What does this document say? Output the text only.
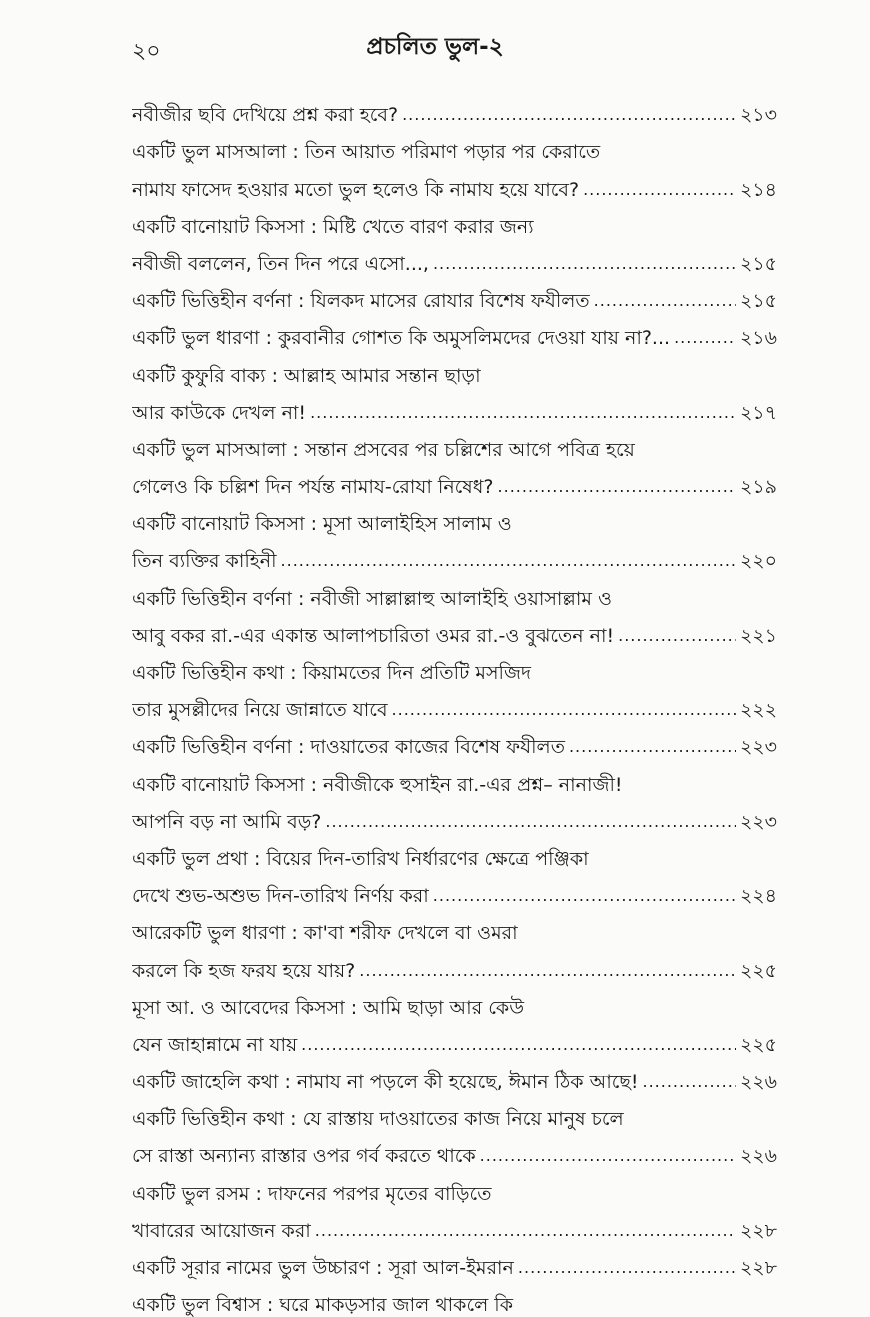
২০	প্রচলিত ভুল-২
নবীজীর ছবি দেখিয়ে প্রশ্ন করা হবে? .....	২১৩
একটি ভুল মাসআলা : তিন আয়াত পরিমাণ পড়ার পর কেরাতে
নামায ফাসেদ হওয়ার মতো ভুল হলেও কি নামায হয়ে যাবে? .....	২১৪
একটি বানোয়াট কিসসা : মিষ্টি খেতে বারণ করার জন্য
নবীজী বললেন, তিন দিন পরে এসো..., .....	২১৫
একটি ভিত্তিহীন বর্ণনা : যিলকদ মাসের রোযার বিশেষ ফযীলত .....	২১৫
একটি ভুল ধারণা : কুরবানীর গোশত কি অমুসলিমদের দেওয়া যায় না?... .....	২১৬
একটি কুফুরি বাক্য : আল্লাহ আমার সন্তান ছাড়া
আর কাউকে দেখল না! .....	২১৭
একটি ভুল মাসআলা : সন্তান প্রসবের পর চল্লিশের আগে পবিত্র হয়ে
গেলেও কি চল্লিশ দিন পর্যন্ত নামায-রোযা নিষেধ? .....	২১৯
একটি বানোয়াট কিসসা : মূসা আলাইহিস সালাম ও
তিন ব্যক্তির কাহিনী .....	২২০
একটি ভিত্তিহীন বর্ণনা : নবীজী সাল্লাল্লাহু আলাইহি ওয়াসাল্লাম ও
আবু বকর রা.-এর একান্ত আলাপচারিতা ওমর রা.-ও বুঝতেন না! .....	২২১
একটি ভিত্তিহীন কথা : কিয়ামতের দিন প্রতিটি মসজিদ
তার মুসল্লীদের নিয়ে জান্নাতে যাবে .....	২২২
একটি ভিত্তিহীন বর্ণনা : দাওয়াতের কাজের বিশেষ ফযীলত .....	২২৩
একটি বানোয়াট কিসসা : নবীজীকে হুসাইন রা.-এর প্রশ্ন– নানাজী!
আপনি বড় না আমি বড়? .....	২২৩
একটি ভুল প্রথা : বিয়ের দিন-তারিখ নির্ধারণের ক্ষেত্রে পঞ্জিকা
দেখে শুভ-অশুভ দিন-তারিখ নির্ণয় করা .....	২২৪
আরেকটি ভুল ধারণা : কা'বা শরীফ দেখলে বা ওমরা
করলে কি হজ ফরয হয়ে যায়? .....	২২৫
মূসা আ. ও আবেদের কিসসা : আমি ছাড়া আর কেউ
যেন জাহান্নামে না যায় .....	২২৫
একটি জাহেলি কথা : নামায না পড়লে কী হয়েছে, ঈমান ঠিক আছে! .....	২২৬
একটি ভিত্তিহীন কথা : যে রাস্তায় দাওয়াতের কাজ নিয়ে মানুষ চলে
সে রাস্তা অন্যান্য রাস্তার ওপর গর্ব করতে থাকে .....	২২৬
একটি ভুল রসম : দাফনের পরপর মৃতের বাড়িতে
খাবারের আয়োজন করা .....	২২৮
একটি সূরার নামের ভুল উচ্চারণ : সূরা আল-ইমরান .....	২২৮
একটি ভুল বিশ্বাস : ঘরে মাকড়সার জাল থাকলে কি
